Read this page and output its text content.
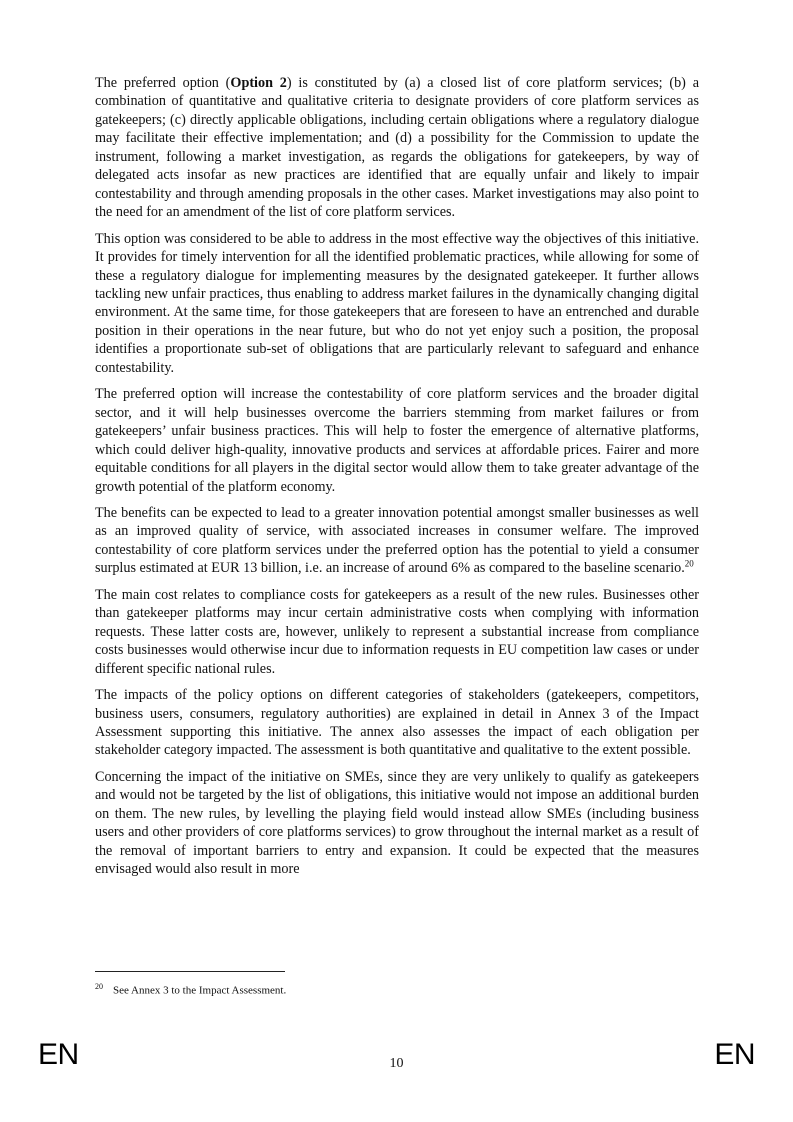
The preferred option (Option 2) is constituted by (a) a closed list of core platform services; (b) a combination of quantitative and qualitative criteria to designate providers of core platform services as gatekeepers; (c) directly applicable obligations, including certain obligations where a regulatory dialogue may facilitate their effective implementation; and (d) a possibility for the Commission to update the instrument, following a market investigation, as regards the obligations for gatekeepers, by way of delegated acts insofar as new practices are identified that are equally unfair and likely to impair contestability and through amending proposals in the other cases. Market investigations may also point to the need for an amendment of the list of core platform services.

This option was considered to be able to address in the most effective way the objectives of this initiative. It provides for timely intervention for all the identified problematic practices, while allowing for some of these a regulatory dialogue for implementing measures by the designated gatekeeper. It further allows tackling new unfair practices, thus enabling to address market failures in the dynamically changing digital environment. At the same time, for those gatekeepers that are foreseen to have an entrenched and durable position in their operations in the near future, but who do not yet enjoy such a position, the proposal identifies a proportionate sub-set of obligations that are particularly relevant to safeguard and enhance contestability.

The preferred option will increase the contestability of core platform services and the broader digital sector, and it will help businesses overcome the barriers stemming from market failures or from gatekeepers’ unfair business practices. This will help to foster the emergence of alternative platforms, which could deliver high-quality, innovative products and services at affordable prices. Fairer and more equitable conditions for all players in the digital sector would allow them to take greater advantage of the growth potential of the platform economy.

The benefits can be expected to lead to a greater innovation potential amongst smaller businesses as well as an improved quality of service, with associated increases in consumer welfare. The improved contestability of core platform services under the preferred option has the potential to yield a consumer surplus estimated at EUR 13 billion, i.e. an increase of around 6% as compared to the baseline scenario.$^{20}$

The main cost relates to compliance costs for gatekeepers as a result of the new rules. Businesses other than gatekeeper platforms may incur certain administrative costs when complying with information requests. These latter costs are, however, unlikely to represent a substantial increase from compliance costs businesses would otherwise incur due to information requests in EU competition law cases or under different specific national rules.

The impacts of the policy options on different categories of stakeholders (gatekeepers, competitors, business users, consumers, regulatory authorities) are explained in detail in Annex 3 of the Impact Assessment supporting this initiative. The annex also assesses the impact of each obligation per stakeholder category impacted. The assessment is both quantitative and qualitative to the extent possible.

Concerning the impact of the initiative on SMEs, since they are very unlikely to qualify as gatekeepers and would not be targeted by the list of obligations, this initiative would not impose an additional burden on them. The new rules, by levelling the playing field would instead allow SMEs (including business users and other providers of core platforms services) to grow throughout the internal market as a result of the removal of important barriers to entry and expansion. It could be expected that the measures envisaged would also result in more

$^{20}$ See Annex 3 to the Impact Assessment.
EN	10	EN
